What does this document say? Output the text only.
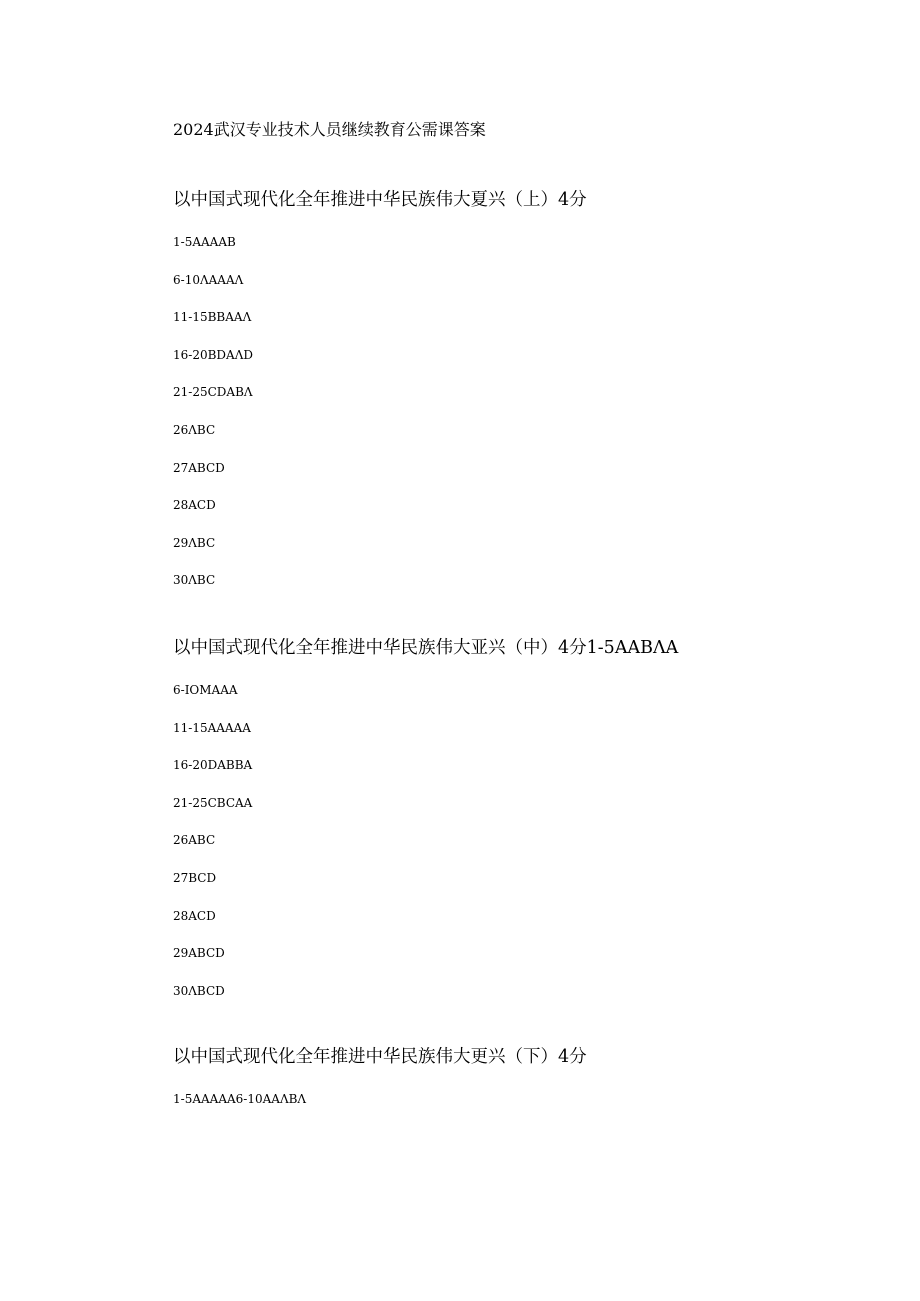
2024武汉专业技术人员继续教育公需课答案
以中国式现代化全年推进中华民族伟大夏兴（上）4分
1-5AAAAB
6-10ΛAAAΛ
11-15BBAAΛ
16-20BDAΛD
21-25CDABΛ
26ΛBC
27ABCD
28ACD
29ΛBC
30ΛBC
以中国式现代化全年推进中华民族伟大亚兴（中）4分1-5AABΛA
6-IOMAAA
11-15AAAAA
16-20DABBA
21-25CBCAA
26ABC
27BCD
28ACD
29ABCD
30ΛBCD
以中国式现代化全年推进中华民族伟大更兴（下）4分
1-5AAAAA6-10AAΛBΛ
